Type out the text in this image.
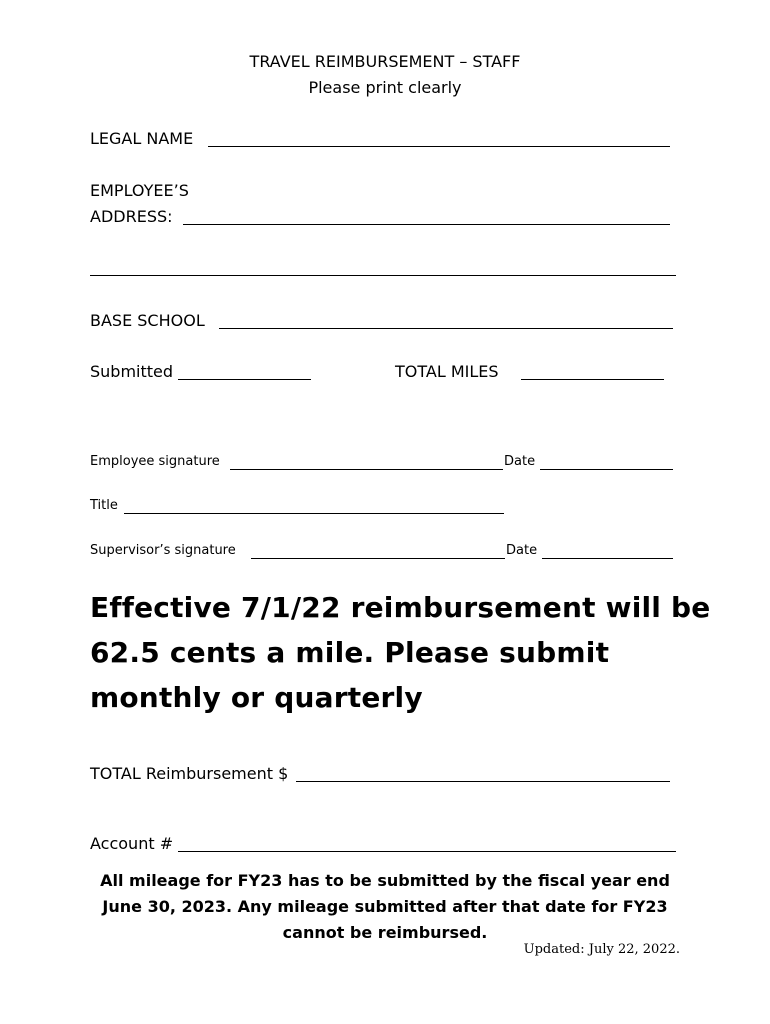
TRAVEL REIMBURSEMENT – STAFF
Please print clearly
LEGAL NAME
EMPLOYEE’S
ADDRESS:
BASE SCHOOL
Submitted	TOTAL MILES
Employee signature	Date
Title
Supervisor’s signature	Date
Effective 7/1/22 reimbursement will be
62.5 cents a mile. Please submit
monthly or quarterly
TOTAL Reimbursement $
Account #
All mileage for FY23 has to be submitted by the fiscal year end
June 30, 2023. Any mileage submitted after that date for FY23
cannot be reimbursed.
Updated: July 22, 2022.
